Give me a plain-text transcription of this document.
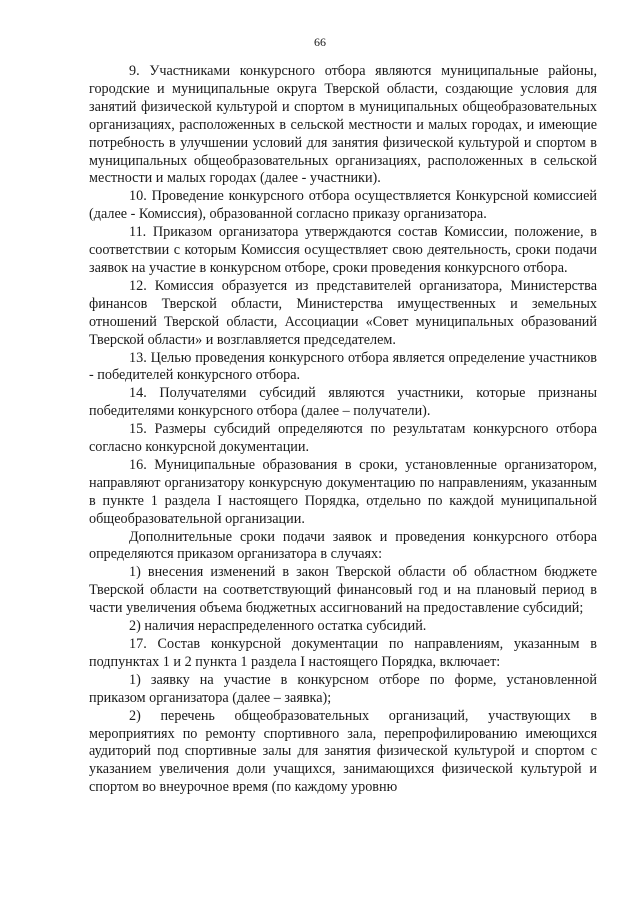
66

9. Участниками конкурсного отбора являются муниципальные районы, городские и муниципальные округа Тверской области, создающие условия для занятий физической культурой и спортом в муниципальных общеобразовательных организациях, расположенных в сельской местности и малых городах, и имеющие потребность в улучшении условий для занятия физической культурой и спортом в муниципальных общеобразовательных организациях, расположенных в сельской местности и малых городах (далее - участники).

10. Проведение конкурсного отбора осуществляется Конкурсной комиссией (далее - Комиссия), образованной согласно приказу организатора.

11. Приказом организатора утверждаются состав Комиссии, положение, в соответствии с которым Комиссия осуществляет свою деятельность, сроки подачи заявок на участие в конкурсном отборе, сроки проведения конкурсного отбора.

12. Комиссия образуется из представителей организатора, Министерства финансов Тверской области, Министерства имущественных и земельных отношений Тверской области, Ассоциации «Совет муниципальных образований Тверской области» и возглавляется председателем.

13. Целью проведения конкурсного отбора является определение участников - победителей конкурсного отбора.

14. Получателями субсидий являются участники, которые признаны победителями конкурсного отбора (далее – получатели).

15. Размеры субсидий определяются по результатам конкурсного отбора согласно конкурсной документации.

16. Муниципальные образования в сроки, установленные организатором, направляют организатору конкурсную документацию по направлениям, указанным в пункте 1 раздела I настоящего Порядка, отдельно по каждой муниципальной общеобразовательной организации.

Дополнительные сроки подачи заявок и проведения конкурсного отбора определяются приказом организатора в случаях:

1) внесения изменений в закон Тверской области об областном бюджете Тверской области на соответствующий финансовый год и на плановый период в части увеличения объема бюджетных ассигнований на предоставление субсидий;

2) наличия нераспределенного остатка субсидий.

17. Состав конкурсной документации по направлениям, указанным в подпунктах 1 и 2 пункта 1 раздела I настоящего Порядка, включает:

1) заявку на участие в конкурсном отборе по форме, установленной приказом организатора (далее – заявка);

2) перечень общеобразовательных организаций, участвующих в мероприятиях по ремонту спортивного зала, перепрофилированию имеющихся аудиторий под спортивные залы для занятия физической культурой и спортом с указанием увеличения доли учащихся, занимающихся физической культурой и спортом во внеурочное время (по каждому уровню
